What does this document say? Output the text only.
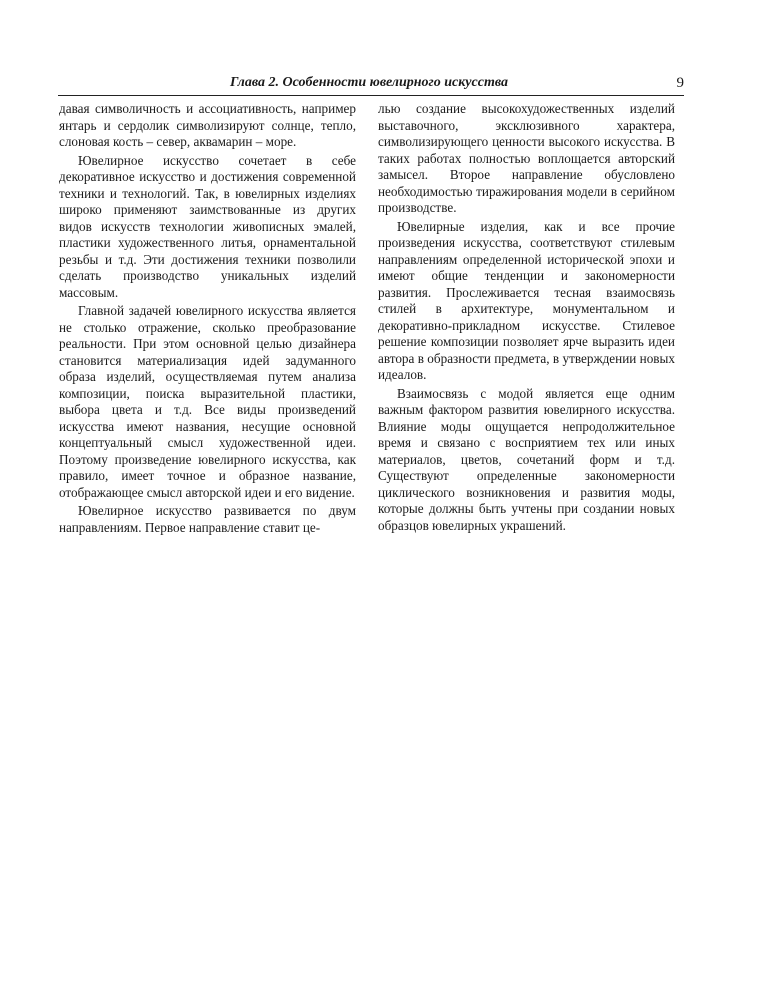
Глава 2. Особенности ювелирного искусства	9

давая символичность и ассоциативность, например янтарь и сердолик символизируют солнце, тепло, слоновая кость – север, аквамарин – море.

Ювелирное искусство сочетает в себе декоративное искусство и достижения современной техники и технологий. Так, в ювелирных изделиях широко применяют заимствованные из других видов искусств технологии живописных эмалей, пластики художественного литья, орнаментальной резьбы и т.д. Эти достижения техники позволили сделать производство уникальных изделий массовым.

Главной задачей ювелирного искусства является не столько отражение, сколько преобразование реальности. При этом основной целью дизайнера становится материализация идей задуманного образа изделий, осуществляемая путем анализа композиции, поиска выразительной пластики, выбора цвета и т.д. Все виды произведений искусства имеют названия, несущие основной концептуальный смысл художественной идеи. Поэтому произведение ювелирного искусства, как правило, имеет точное и образное название, отображающее смысл авторской идеи и его видение.

Ювелирное искусство развивается по двум направлениям. Первое направление ставит це-

лью создание высокохудожественных изделий выставочного, эксклюзивного характера, символизирующего ценности высокого искусства. В таких работах полностью воплощается авторский замысел. Второе направление обусловлено необходимостью тиражирования модели в серийном производстве.

Ювелирные изделия, как и все прочие произведения искусства, соответствуют стилевым направлениям определенной исторической эпохи и имеют общие тенденции и закономерности развития. Прослеживается тесная взаимосвязь стилей в архитектуре, монументальном и декоративно-прикладном искусстве. Стилевое решение композиции позволяет ярче выразить идеи автора в образности предмета, в утверждении новых идеалов.

Взаимосвязь с модой является еще одним важным фактором развития ювелирного искусства. Влияние моды ощущается непродолжительное время и связано с восприятием тех или иных материалов, цветов, сочетаний форм и т.д. Существуют определенные закономерности циклического возникновения и развития моды, которые должны быть учтены при создании новых образцов ювелирных украшений.
